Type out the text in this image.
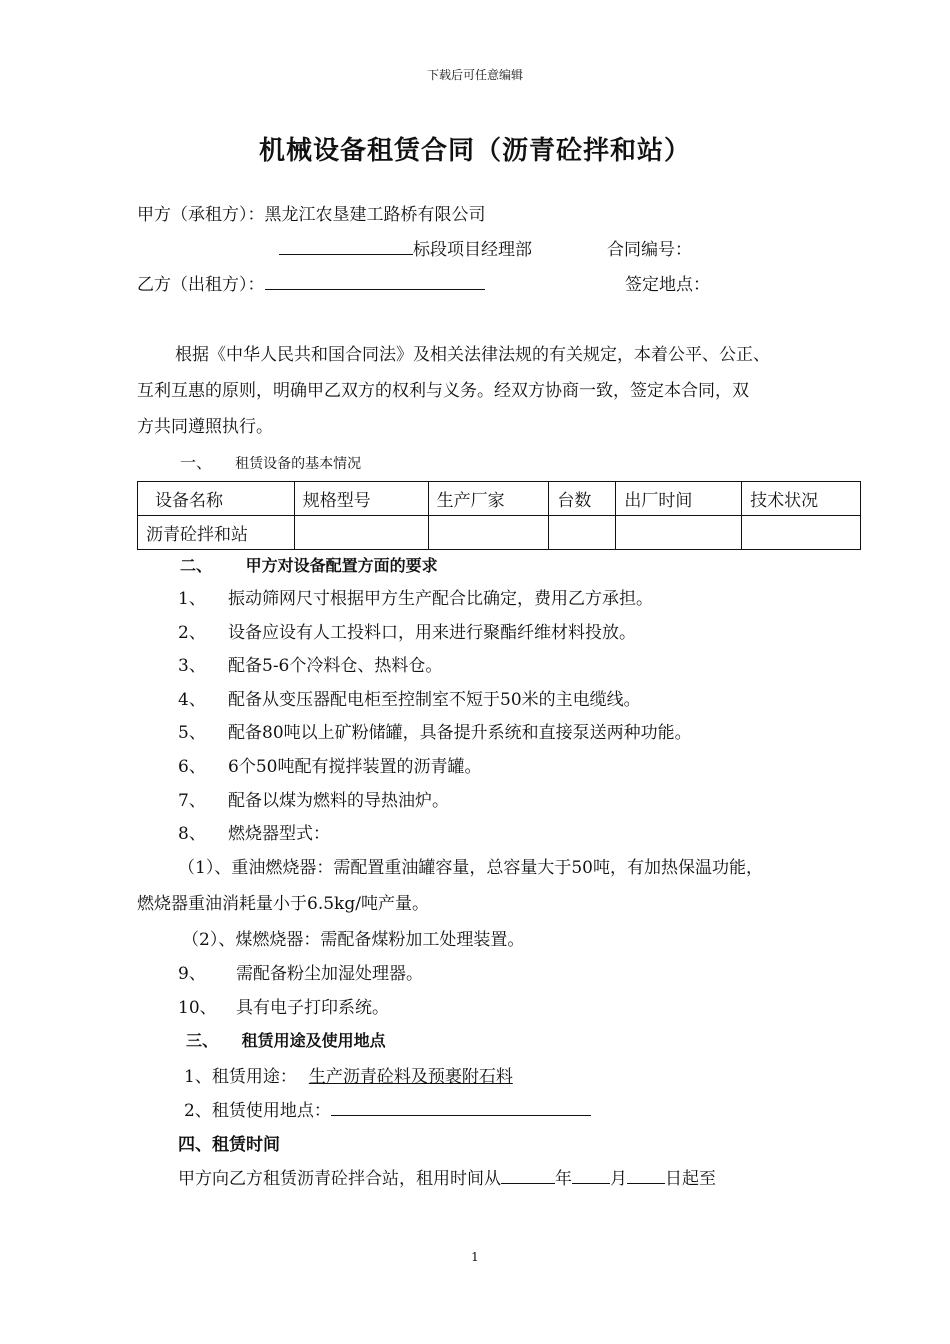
下载后可任意编辑
机械设备租赁合同（沥青砼拌和站）
甲方（承租方）：黑龙江农垦建工路桥有限公司
标段项目经理部	合同编号：
乙方（出租方）：	签定地点：
根据《中华人民共和国合同法》及相关法律法规的有关规定，本着公平、公正、
互利互惠的原则，明确甲乙双方的权利与义务。经双方协商一致，签定本合同，双
方共同遵照执行。
一、 租赁设备的基本情况
设备名称	规格型号	生产厂家	台数	出厂时间	技术状况
沥青砼拌和站					
二、 甲方对设备配置方面的要求
1、 振动筛网尺寸根据甲方生产配合比确定，费用乙方承担。
2、 设备应设有人工投料口，用来进行聚酯纤维材料投放。
3、 配备5-6个冷料仓、热料仓。
4、 配备从变压器配电柜至控制室不短于50米的主电缆线。
5、 配备80吨以上矿粉储罐，具备提升系统和直接泵送两种功能。
6、 6个50吨配有搅拌装置的沥青罐。
7、 配备以煤为燃料的导热油炉。
8、 燃烧器型式：
（1）、重油燃烧器：需配置重油罐容量，总容量大于50吨，有加热保温功能，
燃烧器重油消耗量小于6.5kg/吨产量。
（2）、煤燃烧器：需配备煤粉加工处理装置。
9、 需配备粉尘加湿处理器。
10、 具有电子打印系统。
三、 租赁用途及使用地点
1、租赁用途： 生产沥青砼料及预裹附石料
2、租赁使用地点：
四、租赁时间
甲方向乙方租赁沥青砼拌合站，租用时间从	年 月 日起至
1
